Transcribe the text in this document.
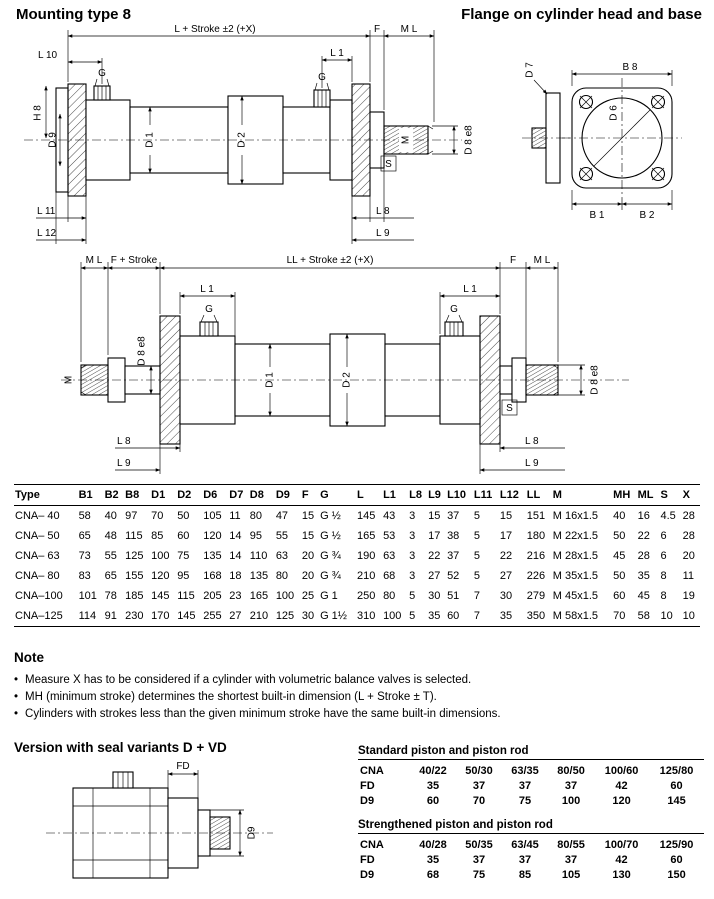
Mounting type 8	Flange on cylinder head and base
L + Stroke ±2 (+X)	F M L
L 10	L 1
G	G
H 8
D 9	D 1	D 2	M
S
D 8 e8
L 11
L 12
L 8
L 9
D 7	B 8
D 6
B 1	B 2
M L F + Stroke	LL + Stroke ±2 (+X)	F M L
L 1	L 1
G	G
M
D 8 e8
D 1	D 2
S
D 8 e8
L 8
L 9
L 8
L 9
Type	B1	B2	B8	D1	D2	D6	D7	D8	D9	F	G	L	L1	L8	L9	L10	L11	L12	LL	M	MH	ML	S	X
CNA– 40	58	40	97	70	50	105	11	80	47	15	G ½	145	43	3	15	37	5	15	151	M 16x1.5	40	16	4.5	28
CNA– 50	65	48	115	85	60	120	14	95	55	15	G ½	165	53	3	17	38	5	17	180	M 22x1.5	50	22	6	28
CNA– 63	73	55	125	100	75	135	14	110	63	20	G ¾	190	63	3	22	37	5	22	216	M 28x1.5	45	28	6	20
CNA– 80	83	65	155	120	95	168	18	135	80	20	G ¾	210	68	3	27	52	5	27	226	M 35x1.5	50	35	8	11
CNA–100	101	78	185	145	115	205	23	165	100	25	G 1	250	80	5	30	51	7	30	279	M 45x1.5	60	45	8	19
CNA–125	114	91	230	170	145	255	27	210	125	30	G 1½	310	100	5	35	60	7	35	350	M 58x1.5	70	58	10	10
Note
• Measure X has to be considered if a cylinder with volumetric balance valves is selected.
• MH (minimum stroke) determines the shortest built-in dimension (L + Stroke ± T).
• Cylinders with strokes less than the given minimum stroke have the same built-in dimensions.
Version with seal variants D + VD
FD
D9
Standard piston and piston rod
CNA	40/22	50/30	63/35	80/50	100/60	125/80
FD	35	37	37	37	42	60
D9	60	70	75	100	120	145
Strengthened piston and piston rod
CNA	40/28	50/35	63/45	80/55	100/70	125/90
FD	35	37	37	37	42	60
D9	68	75	85	105	130	150
